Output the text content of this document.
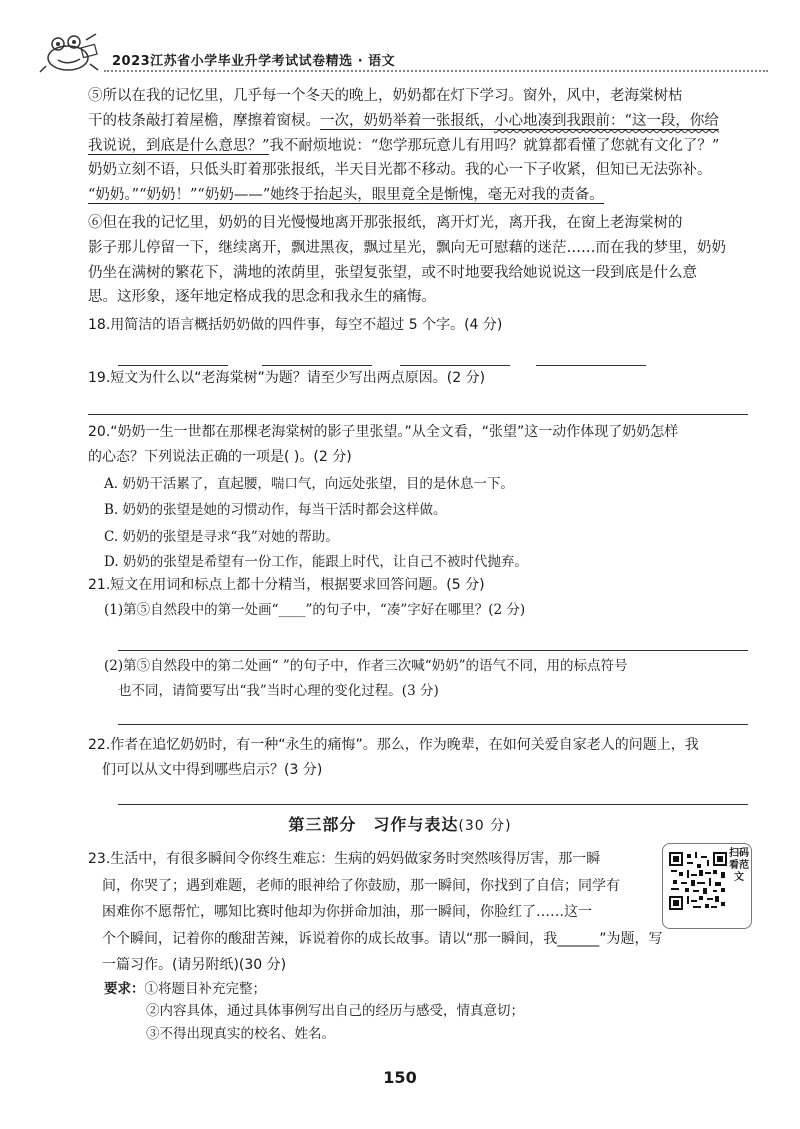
2023江苏省小学毕业升学考试试卷精选 · 语文
⑤所以在我的记忆里，几乎每一个冬天的晚上，奶奶都在灯下学习。窗外，风中，老海棠树枯
干的枝条敲打着屋檐，摩擦着窗棂。一次，奶奶举着一张报纸，小心地凑到我跟前：“这一段，你给
我说说，到底是什么意思？”我不耐烦地说：“您学那玩意儿有用吗？就算都看懂了您就有文化了？”
奶奶立刻不语，只低头盯着那张报纸，半天目光都不移动。我的心一下子收紧，但知已无法弥补。
“奶奶。”“奶奶！”“奶奶——”她终于抬起头，眼里竟全是惭愧，毫无对我的责备。
⑥但在我的记忆里，奶奶的目光慢慢地离开那张报纸，离开灯光，离开我，在窗上老海棠树的
影子那儿停留一下，继续离开，飘进黑夜，飘过星光，飘向无可慰藉的迷茫……而在我的梦里，奶奶
仍坐在满树的繁花下，满地的浓荫里，张望复张望，或不时地要我给她说说这一段到底是什么意
思。这形象，逐年地定格成我的思念和我永生的痛悔。
18.用简洁的语言概括奶奶做的四件事，每空不超过 5 个字。(4 分)
19.短文为什么以“老海棠树”为题？请至少写出两点原因。(2 分)
20.“奶奶一生一世都在那棵老海棠树的影子里张望。”从全文看，“张望”这一动作体现了奶奶怎样
的心态？下列说法正确的一项是( )。(2 分)
A. 奶奶干活累了，直起腰，喘口气，向远处张望，目的是休息一下。
B. 奶奶的张望是她的习惯动作，每当干活时都会这样做。
C. 奶奶的张望是寻求“我”对她的帮助。
D. 奶奶的张望是希望有一份工作，能跟上时代，让自己不被时代抛弃。
21.短文在用词和标点上都十分精当，根据要求回答问题。(5 分)
(1)第⑤自然段中的第一处画“____”的句子中，“凑”字好在哪里？(2 分)
(2)第⑤自然段中的第二处画“ ”的句子中，作者三次喊“奶奶”的语气不同，用的标点符号
也不同，请简要写出“我”当时心理的变化过程。(3 分)
22.作者在追忆奶奶时，有一种“永生的痛悔”。那么，作为晚辈，在如何关爱自家老人的问题上，我
们可以从文中得到哪些启示？(3 分)
第三部分　习作与表达(30 分)
23.生活中，有很多瞬间令你终生难忘：生病的妈妈做家务时突然咳得厉害，那一瞬
间，你哭了；遇到难题，老师的眼神给了你鼓励，那一瞬间，你找到了自信；同学有
困难你不愿帮忙，哪知比赛时他却为你拼命加油，那一瞬间，你脸红了……这一
个个瞬间，记着你的酸甜苦辣，诉说着你的成长故事。请以“那一瞬间，我______”为题，写
一篇习作。(请另附纸)(30 分)
扫码看范文
要求：①将题目补充完整；
②内容具体，通过具体事例写出自己的经历与感受，情真意切；
③不得出现真实的校名、姓名。
150
